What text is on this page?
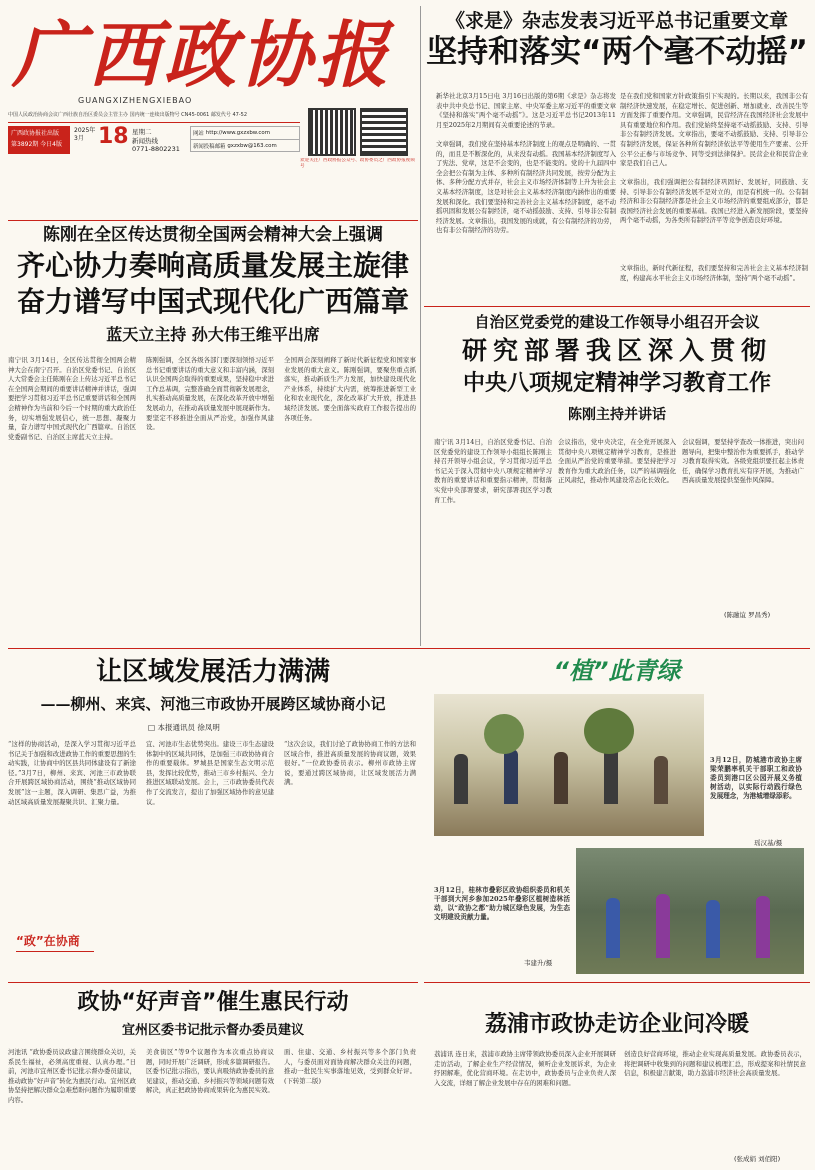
广西政协报
GUANGXIZHENGXIEBAO
中国人民政治协商会议广西壮族自治区委员会主管主办 国内统一连续出版物号 CN45-0061 邮发代号 47-52
广西政协报社出版
第3892期 今日4版
2025年3月 18 星期二
新闻热线
0771-8802231
网站 http://www.gxzxbw.com
新闻投稿邮箱 gxzxbw@163.com
欢迎关注广西政协报公众号、政协委员之广西政协报视频号
《求是》杂志发表习近平总书记重要文章
坚持和落实“两个毫不动摇”
新华社北京3月15日电 3月16日出版的第6期《求是》杂志将发表中共中央总书记、国家主席、中央军委主席习近平的重要文章《坚持和落实“两个毫不动摇”》。这是习近平总书记2013年11月至2025年2月期间有关重要论述的节录。
文章强调，我们党在坚持基本经济制度上的观点是明确的、一贯的，而且是不断深化的，从来没有动摇。我国基本经济制度写入了宪法、党章，这是不会变的，也是不能变的。党的十九届四中全会把公有制为主体、多种所有制经济共同发展，按劳分配为主体、多种分配方式并存，社会主义市场经济体制等上升为社会主义基本经济制度，这是对社会主义基本经济制度内涵作出的重要发展和深化。我们要坚持和完善社会主义基本经济制度，毫不动摇巩固和发展公有制经济，毫不动摇鼓励、支持、引导非公有制经济发展。文章指出，我国发展的成就，有公有制经济的功劳，也有非公有制经济的功劳。
是在我们党和国家方针政策指引下实现的。长期以来，我国非公有制经济快速发展，在稳定增长、促进创新、增加就业、改善民生等方面发挥了重要作用。文章强调，民营经济在我国经济社会发展中具有重要地位和作用。我们党始终坚持毫不动摇鼓励、支持、引导非公有制经济发展。文章指出，要毫不动摇鼓励、支持、引导非公有制经济发展，保证各种所有制经济依法平等使用生产要素、公开公平公正参与市场竞争、同等受到法律保护。民营企业和民营企业家是我们自己人。
文章指出，我们强调把公有制经济巩固好、发展好，同鼓励、支持、引导非公有制经济发展不是对立的，而是有机统一的。公有制经济和非公有制经济都是社会主义市场经济的重要组成部分，都是我国经济社会发展的重要基础。我国已经进入新发展阶段，要坚持两个毫不动摇，为各类所有制经济平等竞争创造良好环境。
文章指出，新时代新征程，我们要坚持和完善社会主义基本经济制度，构建高水平社会主义市场经济体制，坚持“两个毫不动摇”。
陈刚在全区传达贯彻全国两会精神大会上强调
齐心协力奏响高质量发展主旋律
奋力谱写中国式现代化广西篇章
蓝天立主持 孙大伟王维平出席
南宁讯 3月14日，全区传达贯彻全国两会精神大会在南宁召开。自治区党委书记、自治区人大常委会主任陈刚在会上传达习近平总书记在全国两会期间的重要讲话精神并讲话，强调要把学习贯彻习近平总书记重要讲话和全国两会精神作为当前和今后一个时期的重大政治任务，切实增强发展信心，统一思想、凝聚力量，奋力谱写中国式现代化广西篇章。自治区党委副书记、自治区主席蓝天立主持。
陈刚强调，全区各级各部门要深刻领悟习近平总书记重要讲话的重大意义和丰富内涵，深刻认识全国两会取得的重要成果，坚持稳中求进工作总基调，完整准确全面贯彻新发展理念，扎实推动高质量发展，在深化改革开放中增强发展动力，在推动高质量发展中展现新作为。要坚定不移推进全面从严治党，加强作风建设。
全国两会深刻阐释了新时代新征程党和国家事业发展的重大意义。陈刚强调，要聚焦重点抓落实，推动新质生产力发展，加快建设现代化产业体系，持续扩大内需，统筹推进新型工业化和农业现代化，深化改革扩大开放，推进县域经济发展。要全面落实政府工作报告提出的各项任务。
自治区党委党的建设工作领导小组召开会议
研究部署我区深入贯彻
中央八项规定精神学习教育工作
陈刚主持并讲话
南宁讯 3月14日，自治区党委书记、自治区党委党的建设工作领导小组组长陈刚主持召开领导小组会议，学习贯彻习近平总书记关于深入贯彻中央八项规定精神学习教育的重要讲话和重要指示精神，贯彻落实党中央部署要求，研究部署我区学习教育工作。
会议指出，党中央决定，在全党开展深入贯彻中央八项规定精神学习教育，是推进全面从严治党的重要举措。要坚持把学习教育作为重大政治任务，以严的基调强化正风肃纪，推动作风建设常态化长效化。
会议强调，要坚持学查改一体推进，突出问题导向，把集中整治作为重要抓手，推动学习教育取得实效。各级党组织要扛起主体责任，确保学习教育扎实有序开展，为推动广西高质量发展提供坚强作风保障。
(陈融谊 罗昌秀)
让区域发展活力满满
——柳州、来宾、河池三市政协开展跨区域协商小记
□ 本报通讯员 徐凤明
“这样的协商活动，是深入学习贯彻习近平总书记关于加强和改进政协工作的重要思想的生动实践，让协商中的区县共同体建设有了新途径。”3月7日，柳州、来宾、河池三市政协联合开展跨区域协商活动，围绕“推动区域协同发展”这一主题，深入调研、集思广益，为推动区域高质量发展凝聚共识、汇聚力量。
宜、河池市生态优势突出。建设三市生态建设体制中的区域共同体，是加强三市政协协商合作的重要载体。罗城县是国家生态文明示范县，发挥比较优势，推动三市乡村振兴、全力推进区域联动发展。会上，三市政协委员代表作了交流发言，提出了加强区域协作的意见建议。
“这次会议，我们讨论了政协协商工作的方法和区域合作，推进高质量发展的协商议题，效果很好。”一位政协委员表示。柳州市政协主席说，要通过跨区域协商，让区域发展活力满满。
“政”在协商
“植”此青绿
3月12日，防城港市政协主席梁荣鹏率机关干部职工和政协委员到港口区公园开展义务植树活动，以实际行动践行绿色发展理念，为港城增绿添彩。
瑶汉基/摄
3月12日，桂林市叠彩区政协组织委员和机关干部到大河乡参加2025年叠彩区植树造林活动，以“政协之都”助力城区绿色发展，为生态文明建设贡献力量。
韦建升/摄
政协“好声音”催生惠民行动
宜州区委书记批示督办委员建议
河池讯 “政协委员议政建言围绕群众关切，关系民生福祉，必须高度重视、认真办理。”日前，河池市宜州区委书记批示督办委员建议，推动政协“好声音”转化为惠民行动。宜州区政协坚持把解决群众急难愁盼问题作为履职重要内容。
美食街区”等9个议题作为本次重点协商议题，同时开展广泛调研，形成多篇调研报告。区委书记批示指出，要认真吸纳政协委员的意见建议，推动交通、乡村振兴等领域问题有效解决，真正把政协协商成果转化为惠民实效。
面、住建、交通、乡村振兴等多个部门负责人，与委员面对面协商解决群众关注的问题，推动一批民生实事落地见效，受到群众好评。(下转第二版)
荔浦市政协走访企业问冷暖
荔浦讯 连日来，荔浦市政协主席带领政协委员深入企业开展调研走访活动，了解企业生产经营情况，倾听企业发展诉求，为企业纾困解难，优化营商环境。在走访中，政协委员与企业负责人深入交流，详细了解企业发展中存在的困难和问题。
创造良好营商环境，推动企业实现高质量发展。政协委员表示，将把调研中收集到的问题和建议梳理汇总，形成提案和社情民意信息，积极建言献策，助力荔浦市经济社会高质量发展。
(张成娟 刘佰阳)
